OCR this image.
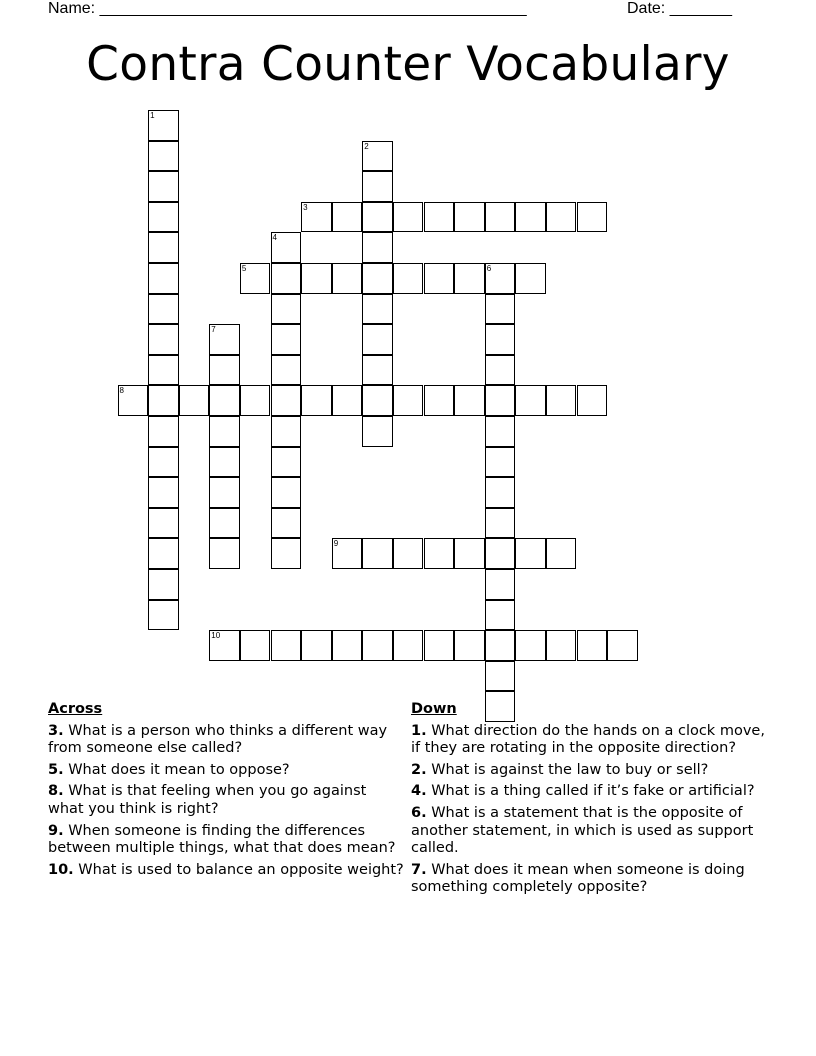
Name: ________________________________________________	Date: _______
Contra Counter Vocabulary
1
2
3
4
5	6
7
8
9
10
Across
3. What is a person who thinks a different way from someone else called?
5. What does it mean to oppose?
8. What is that feeling when you go against what you think is right?
9. When someone is finding the differences between multiple things, what that does mean?
10. What is used to balance an opposite weight?
Down
1. What direction do the hands on a clock move, if they are rotating in the opposite direction?
2. What is against the law to buy or sell?
4. What is a thing called if it’s fake or artificial?
6. What is a statement that is the opposite of another statement, in which is used as support called.
7. What does it mean when someone is doing something completely opposite?
